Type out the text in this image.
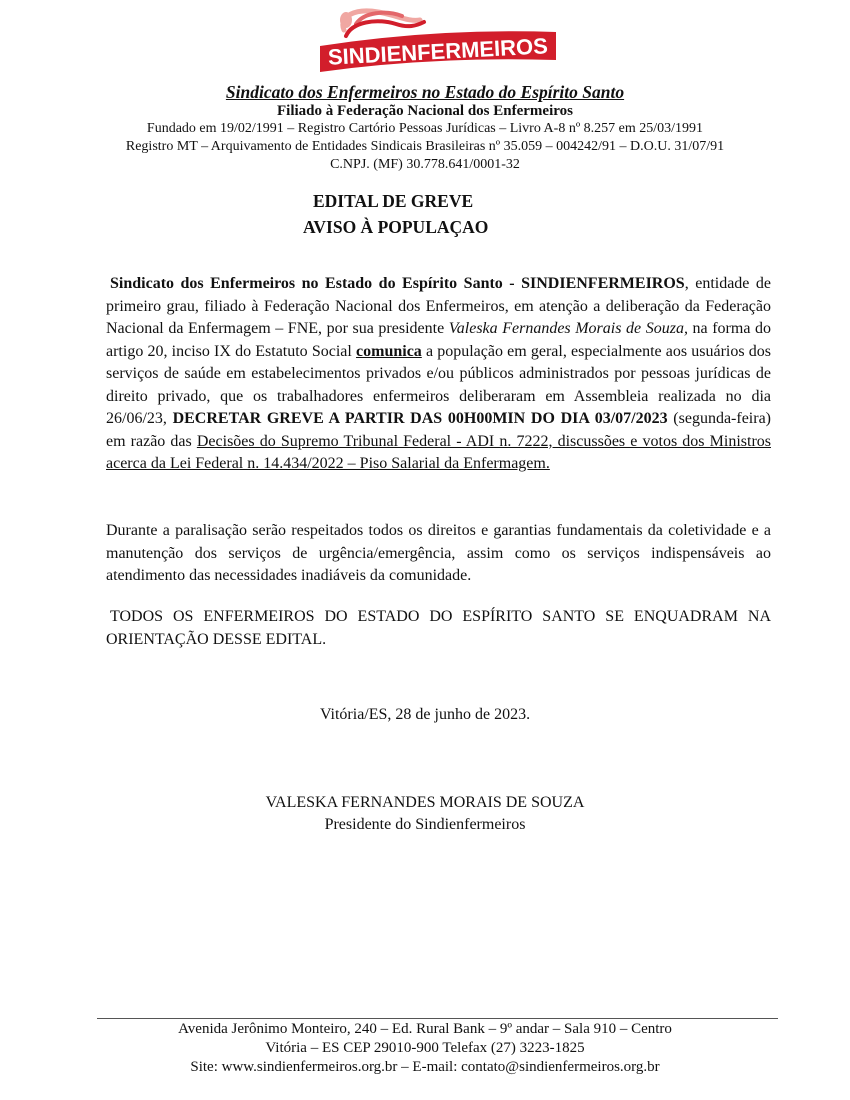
SINDIENFERMEIROS
Sindicato dos Enfermeiros no Estado do Espírito Santo
Filiado à Federação Nacional dos Enfermeiros
Fundado em 19/02/1991 – Registro Cartório Pessoas Jurídicas – Livro A-8 nº 8.257 em 25/03/1991
Registro MT – Arquivamento de Entidades Sindicais Brasileiras nº 35.059 – 004242/91 – D.O.U. 31/07/91
C.NPJ. (MF) 30.778.641/0001-32
EDITAL DE GREVE
AVISO À POPULAÇAO

Sindicato dos Enfermeiros no Estado do Espírito Santo - SINDIENFERMEIROS, entidade de primeiro grau, filiado à Federação Nacional dos Enfermeiros, em atenção a deliberação da Federação Nacional da Enfermagem – FNE, por sua presidente Valeska Fernandes Morais de Souza, na forma do artigo 20, inciso IX do Estatuto Social comunica a população em geral, especialmente aos usuários dos serviços de saúde em estabelecimentos privados e/ou públicos administrados por pessoas jurídicas de direito privado, que os trabalhadores enfermeiros deliberaram em Assembleia realizada no dia 26/06/23, DECRETAR GREVE A PARTIR DAS 00H00MIN DO DIA 03/07/2023 (segunda-feira) em razão das Decisões do Supremo Tribunal Federal - ADI n. 7222, discussões e votos dos Ministros acerca da Lei Federal n. 14.434/2022 – Piso Salarial da Enfermagem.

Durante a paralisação serão respeitados todos os direitos e garantias fundamentais da coletividade e a manutenção dos serviços de urgência/emergência, assim como os serviços indispensáveis ao atendimento das necessidades inadiáveis da comunidade.

TODOS OS ENFERMEIROS DO ESTADO DO ESPÍRITO SANTO SE ENQUADRAM NA ORIENTAÇÃO DESSE EDITAL.

Vitória/ES, 28 de junho de 2023.
VALESKA FERNANDES MORAIS DE SOUZA
Presidente do Sindienfermeiros
Avenida Jerônimo Monteiro, 240 – Ed. Rural Bank – 9º andar – Sala 910 – Centro
Vitória – ES CEP 29010-900 Telefax (27) 3223-1825
Site: www.sindienfermeiros.org.br – E-mail: contato@sindienfermeiros.org.br
